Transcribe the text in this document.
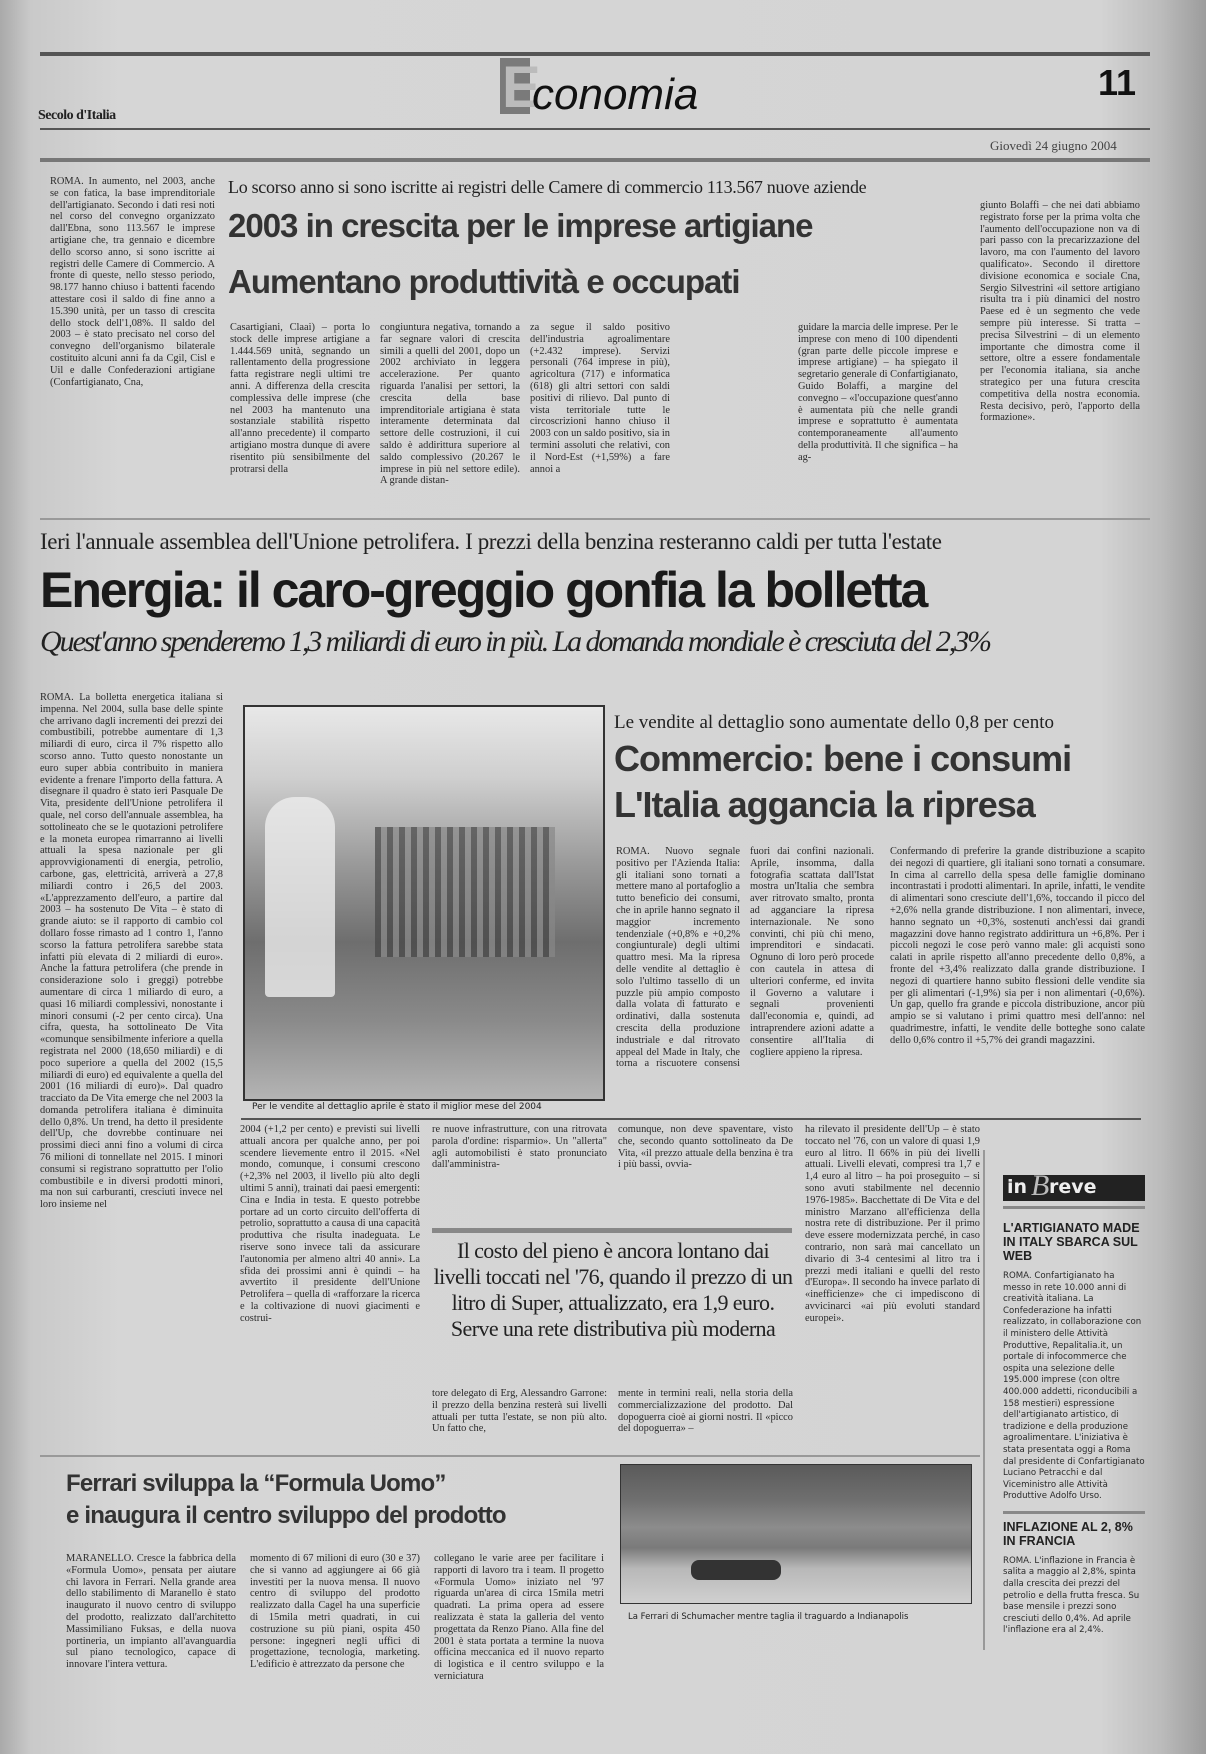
E
conomia	11
Secolo d'Italia
Giovedì 24 giugno 2004
ROMA. In aumento, nel 2003, anche se con fatica, la base imprenditoriale dell'artigianato. Secondo i dati resi noti nel corso del convegno organizzato dall'Ebna, sono 113.567 le imprese artigiane che, tra gennaio e dicembre dello scorso anno, si sono iscritte ai registri delle Camere di Commercio. A fronte di queste, nello stesso periodo, 98.177 hanno chiuso i battenti facendo attestare così il saldo di fine anno a 15.390 unità, per un tasso di crescita dello stock dell'1,08%. Il saldo del 2003 – è stato precisato nel corso del convegno dell'organismo bilaterale costituito alcuni anni fa da Cgil, Cisl e Uil e dalle Confederazioni artigiane (Confartigianato, Cna,
Lo scorso anno si sono iscritte ai registri delle Camere di commercio 113.567 nuove aziende
2003 in crescita per le imprese artigiane
Aumentano produttività e occupati
Casartigiani, Claai) – porta lo stock delle imprese artigiane a 1.444.569 unità, segnando un rallentamento della progressione fatta registrare negli ultimi tre anni. A differenza della crescita complessiva delle imprese (che nel 2003 ha mantenuto una sostanziale stabilità rispetto all'anno precedente) il comparto artigiano mostra dunque di avere risentito più sensibilmente del protrarsi della
congiuntura negativa, tornando a far segnare valori di crescita simili a quelli del 2001, dopo un 2002 archiviato in leggera accelerazione. Per quanto riguarda l'analisi per settori, la crescita della base imprenditoriale artigiana è stata interamente determinata dal settore delle costruzioni, il cui saldo è addirittura superiore al saldo complessivo (20.267 le imprese in più nel settore edile). A grande distan-
za segue il saldo positivo dell'industria agroalimentare (+2.432 imprese). Servizi personali (764 imprese in più), agricoltura (717) e informatica (618) gli altri settori con saldi positivi di rilievo. Dal punto di vista territoriale tutte le circoscrizioni hanno chiuso il 2003 con un saldo positivo, sia in termini assoluti che relativi, con il Nord-Est (+1,59%) a fare annoi a
guidare la marcia delle imprese. Per le imprese con meno di 100 dipendenti (gran parte delle piccole imprese e imprese artigiane) – ha spiegato il segretario generale di Confartigianato, Guido Bolaffi, a margine del convegno – «l'occupazione quest'anno è aumentata più che nelle grandi imprese e soprattutto è aumentata contemporaneamente all'aumento della produttività. Il che significa – ha ag-
giunto Bolaffi – che nei dati abbiamo registrato forse per la prima volta che l'aumento dell'occupazione non va di pari passo con la precarizzazione del lavoro, ma con l'aumento del lavoro qualificato». Secondo il direttore divisione economica e sociale Cna, Sergio Silvestrini «il settore artigiano risulta tra i più dinamici del nostro Paese ed è un segmento che vede sempre più interesse. Si tratta – precisa Silvestrini – di un elemento importante che dimostra come il settore, oltre a essere fondamentale per l'economia italiana, sia anche strategico per una futura crescita competitiva della nostra economia. Resta decisivo, però, l'apporto della formazione».
Ieri l'annuale assemblea dell'Unione petrolifera. I prezzi della benzina resteranno caldi per tutta l'estate
Energia: il caro-greggio gonfia la bolletta
Quest'anno spenderemo 1,3 miliardi di euro in più. La domanda mondiale è cresciuta del 2,3%
ROMA. La bolletta energetica italiana si impenna. Nel 2004, sulla base delle spinte che arrivano dagli incrementi dei prezzi dei combustibili, potrebbe aumentare di 1,3 miliardi di euro, circa il 7% rispetto allo scorso anno. Tutto questo nonostante un euro super abbia contribuito in maniera evidente a frenare l'importo della fattura. A disegnare il quadro è stato ieri Pasquale De Vita, presidente dell'Unione petrolifera il quale, nel corso dell'annuale assemblea, ha sottolineato che se le quotazioni petrolifere e la moneta europea rimarranno ai livelli attuali la spesa nazionale per gli approvvigionamenti di energia, petrolio, carbone, gas, elettricità, arriverà a 27,8 miliardi contro i 26,5 del 2003. «L'apprezzamento dell'euro, a partire dal 2003 – ha sostenuto De Vita – è stato di grande aiuto: se il rapporto di cambio col dollaro fosse rimasto ad 1 contro 1, l'anno scorso la fattura petrolifera sarebbe stata infatti più elevata di 2 miliardi di euro». Anche la fattura petrolifera (che prende in considerazione solo i greggi) potrebbe aumentare di circa 1 miliardo di euro, a quasi 16 miliardi complessivi, nonostante i minori consumi (-2 per cento circa). Una cifra, questa, ha sottolineato De Vita «comunque sensibilmente inferiore a quella registrata nel 2000 (18,650 miliardi) e di poco superiore a quella del 2002 (15,5 miliardi di euro) ed equivalente a quella del 2001 (16 miliardi di euro)». Dal quadro tracciato da De Vita emerge che nel 2003 la domanda petrolifera italiana è diminuita dello 0,8%. Un trend, ha detto il presidente dell'Up, che dovrebbe continuare nei prossimi dieci anni fino a volumi di circa 76 milioni di tonnellate nel 2015. I minori consumi si registrano soprattutto per l'olio combustibile e in diversi prodotti minori, ma non sui carburanti, cresciuti invece nel loro insieme nel
Per le vendite al dettaglio aprile è stato il miglior mese del 2004
Le vendite al dettaglio sono aumentate dello 0,8 per cento
Commercio: bene i consumi
L'Italia aggancia la ripresa
ROMA. Nuovo segnale positivo per l'Azienda Italia: gli italiani sono tornati a mettere mano al portafoglio a tutto beneficio dei consumi, che in aprile hanno segnato il maggior incremento tendenziale (+0,8% e +0,2% congiunturale) degli ultimi quattro mesi. Ma la ripresa delle vendite al dettaglio è solo l'ultimo tassello di un puzzle più ampio composto dalla volata di fatturato e ordinativi, dalla sostenuta crescita della produzione industriale e dal ritrovato appeal del Made in Italy, che torna a riscuotere consensi fuori dai confini nazionali. Aprile, insomma, dalla fotografia scattata dall'Istat mostra un'Italia che sembra aver ritrovato smalto, pronta ad agganciare la ripresa internazionale. Ne sono convinti, chi più chi meno, imprenditori e sindacati. Ognuno di loro però procede con cautela in attesa di ulteriori conferme, ed invita il Governo a valutare i segnali provenienti dall'economia e, quindi, ad intraprendere azioni adatte a consentire all'Italia di cogliere appieno la ripresa.
Confermando di preferire la grande distribuzione a scapito dei negozi di quartiere, gli italiani sono tornati a consumare. In cima al carrello della spesa delle famiglie dominano incontrastati i prodotti alimentari. In aprile, infatti, le vendite di alimentari sono cresciute dell'1,6%, toccando il picco del +2,6% nella grande distribuzione. I non alimentari, invece, hanno segnato un +0,3%, sostenuti anch'essi dai grandi magazzini dove hanno registrato addirittura un +6,8%. Per i piccoli negozi le cose però vanno male: gli acquisti sono calati in aprile rispetto all'anno precedente dello 0,8%, a fronte del +3,4% realizzato dalla grande distribuzione. I negozi di quartiere hanno subito flessioni delle vendite sia per gli alimentari (-1,9%) sia per i non alimentari (-0,6%). Un gap, quello fra grande e piccola distribuzione, ancor più ampio se si valutano i primi quattro mesi dell'anno: nel quadrimestre, infatti, le vendite delle botteghe sono calate dello 0,6% contro il +5,7% dei grandi magazzini.
2004 (+1,2 per cento) e previsti sui livelli attuali ancora per qualche anno, per poi scendere lievemente entro il 2015. «Nel mondo, comunque, i consumi crescono (+2,3% nel 2003, il livello più alto degli ultimi 5 anni), trainati dai paesi emergenti: Cina e India in testa. E questo potrebbe portare ad un corto circuito dell'offerta di petrolio, soprattutto a causa di una capacità produttiva che risulta inadeguata. Le riserve sono invece tali da assicurare l'autonomia per almeno altri 40 anni». La sfida dei prossimi anni è quindi – ha avvertito il presidente dell'Unione Petrolifera – quella di «rafforzare la ricerca e la coltivazione di nuovi giacimenti e costrui-
re nuove infrastrutture, con una ritrovata parola d'ordine: risparmio». Un "allerta" agli automobilisti è stato pronunciato dall'amministra-
comunque, non deve spaventare, visto che, secondo quanto sottolineato da De Vita, «il prezzo attuale della benzina è tra i più bassi, ovvia-
ha rilevato il presidente dell'Up – è stato toccato nel '76, con un valore di quasi 1,9 euro al litro. Il 66% in più dei livelli attuali. Livelli elevati, compresi tra 1,7 e 1,4 euro al litro – ha poi proseguito – si sono avuti stabilmente nel decennio 1976-1985». Bacchettate di De Vita e del ministro Marzano all'efficienza della nostra rete di distribuzione. Per il primo deve essere modernizzata perché, in caso contrario, non sarà mai cancellato un divario di 3-4 centesimi al litro tra i prezzi medi italiani e quelli del resto d'Europa». Il secondo ha invece parlato di «inefficienze» che ci impediscono di avvicinarci «ai più evoluti standard europei».
Il costo del pieno è ancora lontano dai livelli toccati nel '76, quando il prezzo di un litro di Super, attualizzato, era 1,9 euro. Serve una rete distributiva più moderna
tore delegato di Erg, Alessandro Garrone: il prezzo della benzina resterà sui livelli attuali per tutta l'estate, se non più alto. Un fatto che,
mente in termini reali, nella storia della commercializzazione del prodotto. Dal dopoguerra cioè ai giorni nostri. Il «picco del dopoguerra» –
in B reve
L'ARTIGIANATO MADE IN ITALY SBARCA SUL WEB
ROMA. Confartigianato ha messo in rete 10.000 anni di creatività italiana. La Confederazione ha infatti realizzato, in collaborazione con il ministero delle Attività Produttive, Repalitalia.it, un portale di infocommerce che ospita una selezione delle 195.000 imprese (con oltre 400.000 addetti, riconducibili a 158 mestieri) espressione dell'artigianato artistico, di tradizione e della produzione agroalimentare. L'iniziativa è stata presentata oggi a Roma dal presidente di Confartigianato Luciano Petracchi e dal Viceministro alle Attività Produttive Adolfo Urso.
INFLAZIONE AL 2, 8% IN FRANCIA
ROMA. L'inflazione in Francia è salita a maggio al 2,8%, spinta dalla crescita dei prezzi del petrolio e della frutta fresca. Su base mensile i prezzi sono cresciuti dello 0,4%. Ad aprile l'inflazione era al 2,4%.
Ferrari sviluppa la “Formula Uomo”
e inaugura il centro sviluppo del prodotto
MARANELLO. Cresce la fabbrica della «Formula Uomo», pensata per aiutare chi lavora in Ferrari. Nella grande area dello stabilimento di Maranello è stato inaugurato il nuovo centro di sviluppo del prodotto, realizzato dall'architetto Massimiliano Fuksas, e della nuova portineria, un impianto all'avanguardia sul piano tecnologico, capace di innovare l'intera vettura.
momento di 67 milioni di euro (30 e 37) che si vanno ad aggiungere ai 66 già investiti per la nuova mensa. Il nuovo centro di sviluppo del prodotto realizzato dalla Cagel ha una superficie di 15mila metri quadrati, in cui costruzione su più piani, ospita 450 persone: ingegneri negli uffici di progettazione, tecnologia, marketing. L'edificio è attrezzato da persone che
collegano le varie aree per facilitare i rapporti di lavoro tra i team. Il progetto «Formula Uomo» iniziato nel '97 riguarda un'area di circa 15mila metri quadrati. La prima opera ad essere realizzata è stata la galleria del vento progettata da Renzo Piano. Alla fine del 2001 è stata portata a termine la nuova officina meccanica ed il nuovo reparto di logistica e il centro sviluppo e la verniciatura
La Ferrari di Schumacher mentre taglia il traguardo a Indianapolis
